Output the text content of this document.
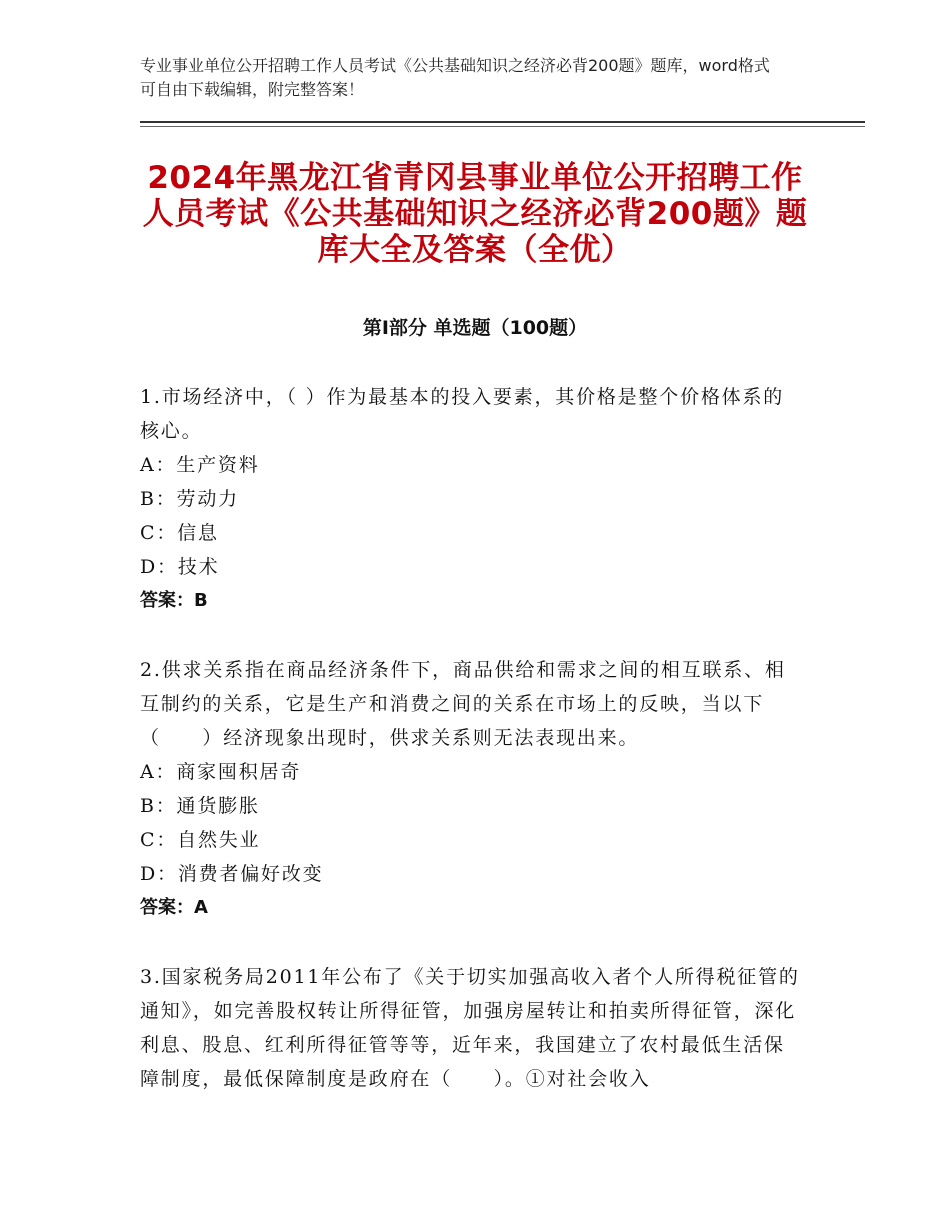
专业事业单位公开招聘工作人员考试《公共基础知识之经济必背200题》题库，word格式可自由下载编辑，附完整答案！
2024年黑龙江省青冈县事业单位公开招聘工作人员考试《公共基础知识之经济必背200题》题库大全及答案（全优）
第Ⅰ部分 单选题（100题）

1.市场经济中，（ ）作为最基本的投入要素，其价格是整个价格体系的核心。

A：生产资料

B：劳动力

C：信息

D：技术

答案：B

2.供求关系指在商品经济条件下，商品供给和需求之间的相互联系、相互制约的关系，它是生产和消费之间的关系在市场上的反映，当以下（　　）经济现象出现时，供求关系则无法表现出来。

A：商家囤积居奇

B：通货膨胀

C：自然失业

D：消费者偏好改变

答案：A

3.国家税务局2011年公布了《关于切实加强高收入者个人所得税征管的通知》，如完善股权转让所得征管，加强房屋转让和拍卖所得征管，深化利息、股息、红利所得征管等等，近年来，我国建立了农村最低生活保障制度，最低保障制度是政府在（　　）。①对社会收入
